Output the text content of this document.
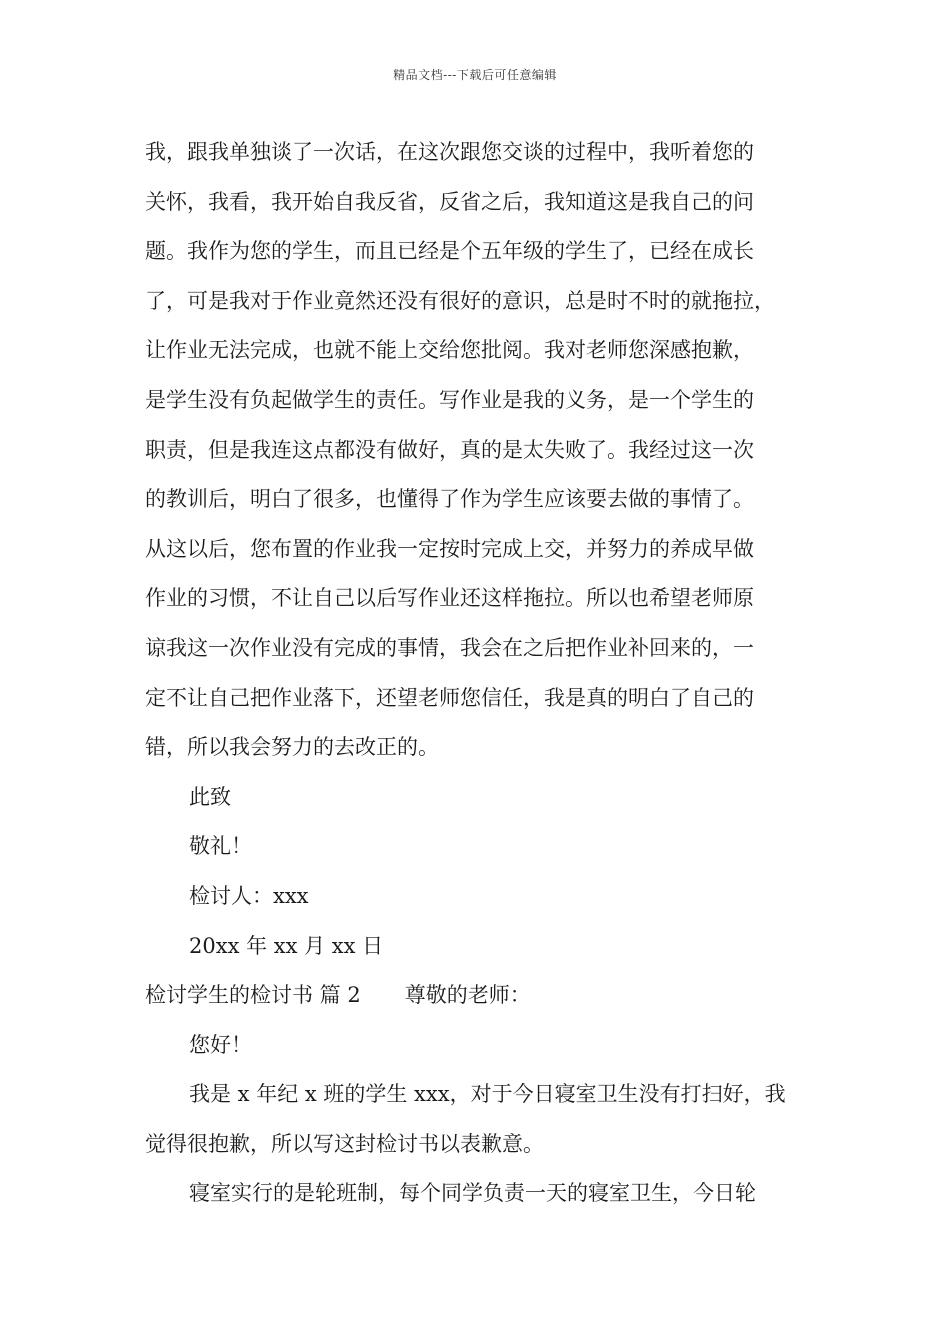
精品文档---下载后可任意编辑
我，跟我单独谈了一次话，在这次跟您交谈的过程中，我听着您的
关怀，我看，我开始自我反省，反省之后，我知道这是我自己的问
题。我作为您的学生，而且已经是个五年级的学生了，已经在成长
了，可是我对于作业竟然还没有很好的意识，总是时不时的就拖拉，
让作业无法完成，也就不能上交给您批阅。我对老师您深感抱歉，
是学生没有负起做学生的责任。写作业是我的义务，是一个学生的
职责，但是我连这点都没有做好，真的是太失败了。我经过这一次
的教训后，明白了很多，也懂得了作为学生应该要去做的事情了。
从这以后，您布置的作业我一定按时完成上交，并努力的养成早做
作业的习惯，不让自己以后写作业还这样拖拉。所以也希望老师原
谅我这一次作业没有完成的事情，我会在之后把作业补回来的，一
定不让自己把作业落下，还望老师您信任，我是真的明白了自己的
错，所以我会努力的去改正的。
此致
敬礼！
检讨人：xxx
20xx 年 xx 月 xx 日
检讨学生的检讨书 篇 2 尊敬的老师：
您好！
我是 x 年纪 x 班的学生 xxx，对于今日寝室卫生没有打扫好，我
觉得很抱歉，所以写这封检讨书以表歉意。
寝室实行的是轮班制，每个同学负责一天的寝室卫生，今日轮
